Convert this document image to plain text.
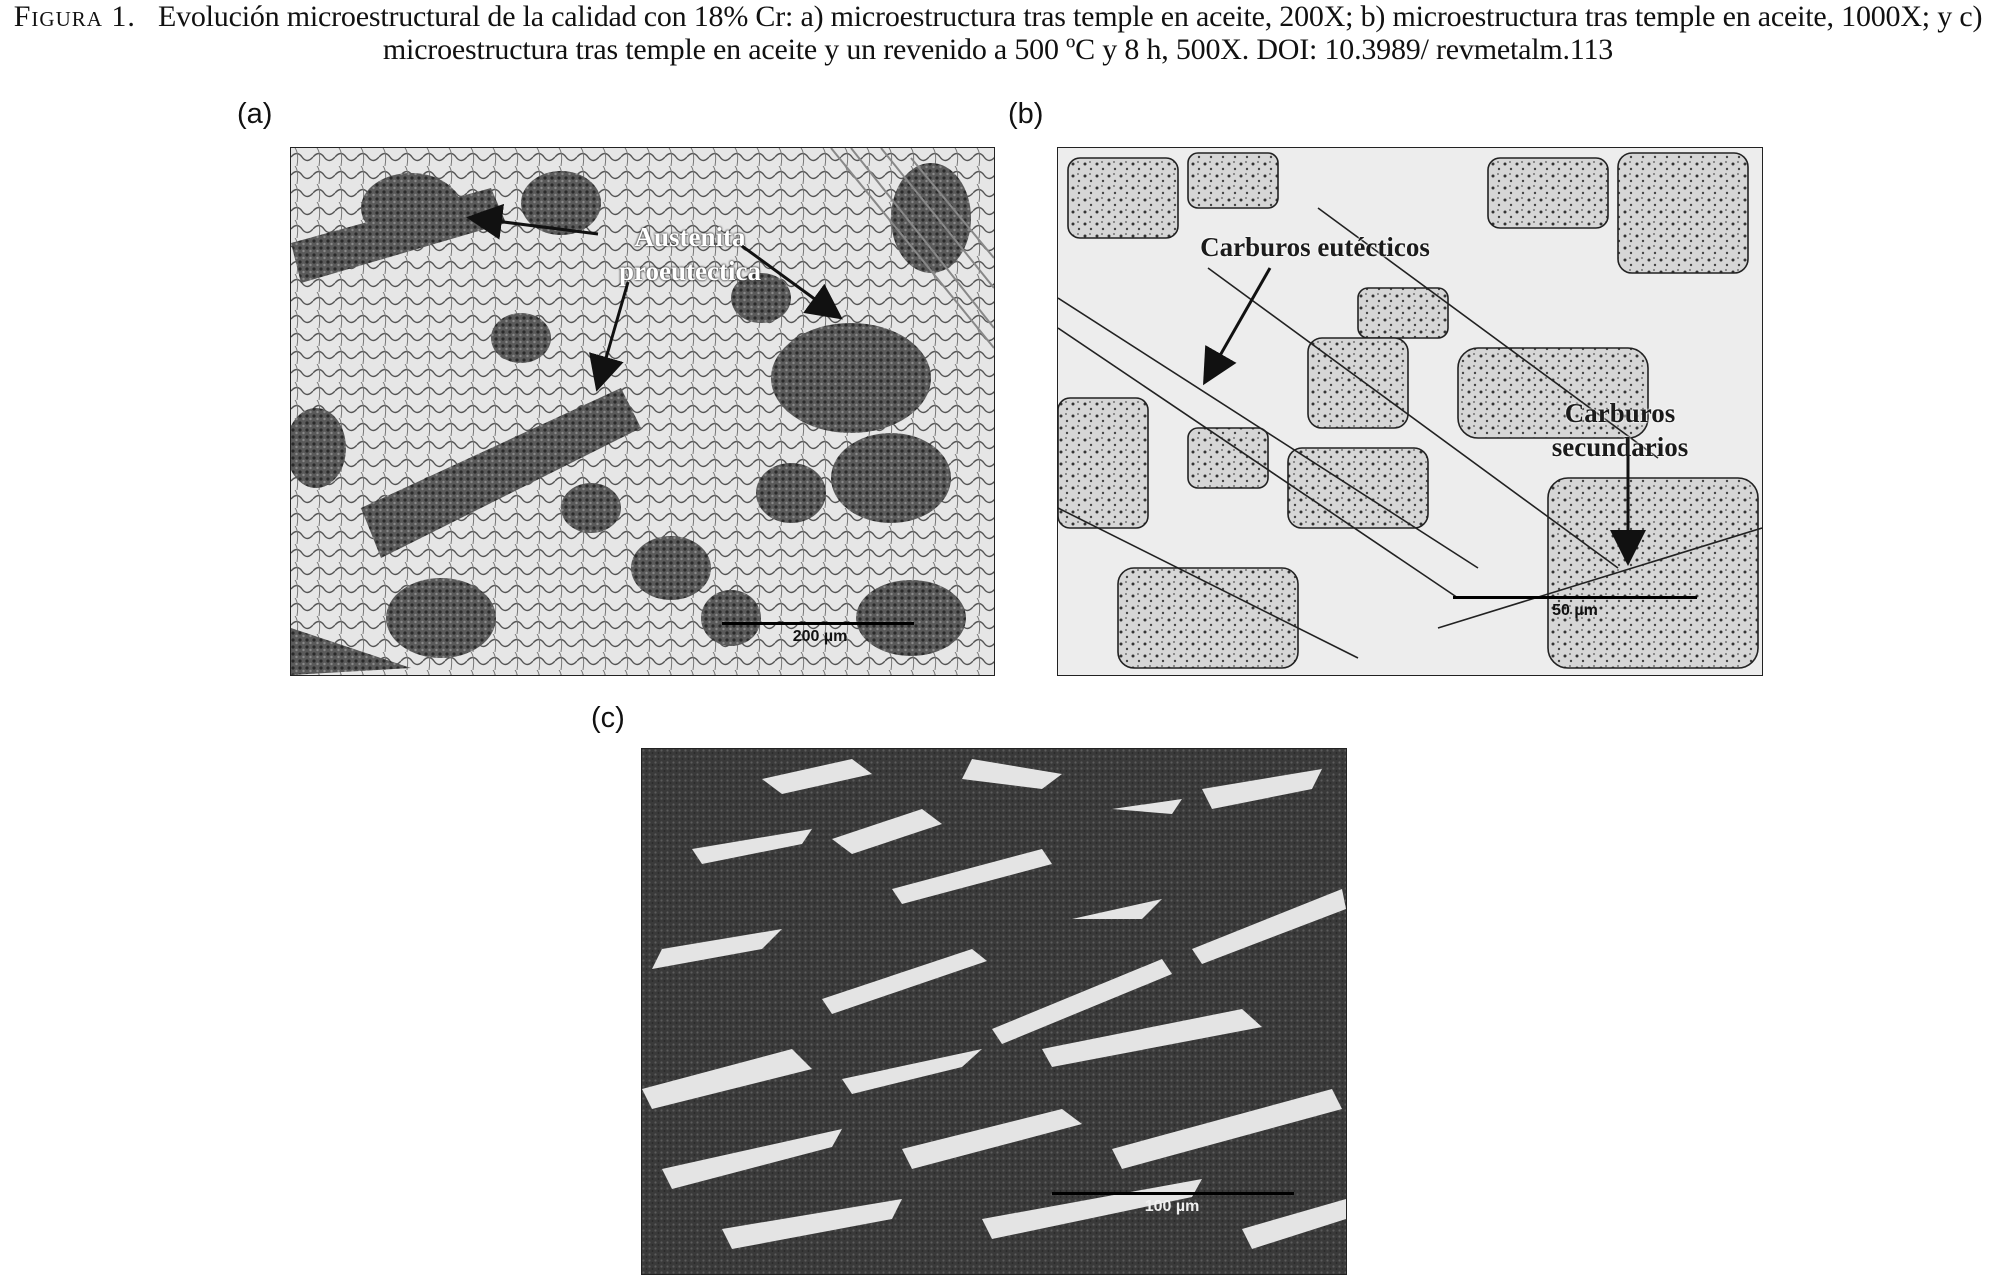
Figura 1. Evolución microestructural de la calidad con 18% Cr: a) microestructura tras temple en aceite, 200X; b) microestructura tras temple en aceite, 1000X; y c) microestructura tras temple en aceite y un revenido a 500 ºC y 8 h, 500X. DOI: 10.3989/ revmetalm.113
(a)	(b)
(c)
200 µm
Austenita
proeutectica
50 µm
Carburos eutécticos
Carburos
secundarios
100 µm
